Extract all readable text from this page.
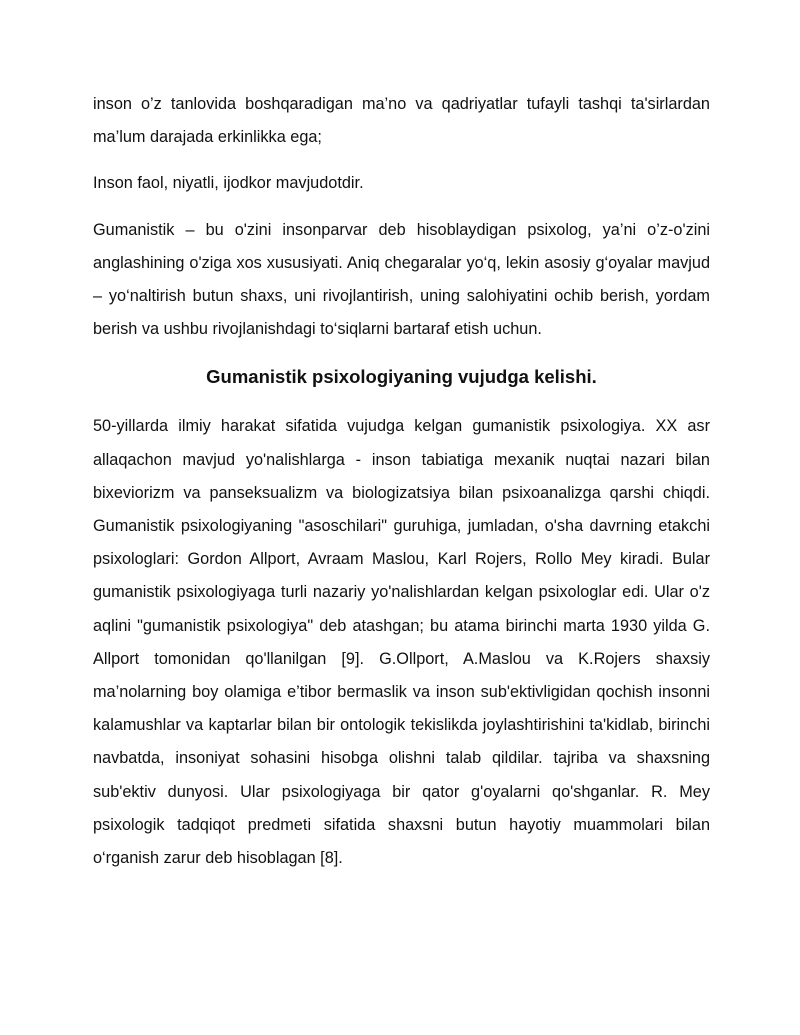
inson o’z tanlovida boshqaradigan ma’no va qadriyatlar tufayli tashqi ta'sirlardan ma’lum darajada erkinlikka ega;

Inson faol, niyatli, ijodkor mavjudotdir.

Gumanistik – bu o'zini insonparvar deb hisoblaydigan psixolog, ya’ni o’z-o'zini anglashining o'ziga xos xususiyati. Aniq chegaralar yo‘q, lekin asosiy g‘oyalar mavjud – yo‘naltirish butun shaxs, uni rivojlantirish, uning salohiyatini ochib berish, yordam berish va ushbu rivojlanishdagi to‘siqlarni bartaraf etish uchun.

Gumanistik psixologiyaning vujudga kelishi.

50-yillarda ilmiy harakat sifatida vujudga kelgan gumanistik psixologiya. XX asr allaqachon mavjud yo'nalishlarga - inson tabiatiga mexanik nuqtai nazari bilan bixeviorizm va panseksualizm va biologizatsiya bilan psixoanalizga qarshi chiqdi. Gumanistik psixologiyaning "asoschilari" guruhiga, jumladan, o'sha davrning etakchi psixologlari: Gordon Allport, Avraam Maslou, Karl Rojers, Rollo Mey kiradi. Bular gumanistik psixologiyaga turli nazariy yo'nalishlardan kelgan psixologlar edi. Ular o'z aqlini "gumanistik psixologiya" deb atashgan; bu atama birinchi marta 1930 yilda G. Allport tomonidan qo'llanilgan [9]. G.Ollport, A.Maslou va K.Rojers shaxsiy ma’nolarning boy olamiga e’tibor bermaslik va inson sub'ektivligidan qochish insonni kalamushlar va kaptarlar bilan bir ontologik tekislikda joylashtirishini ta'kidlab, birinchi navbatda, insoniyat sohasini hisobga olishni talab qildilar. tajriba va shaxsning sub'ektiv dunyosi. Ular psixologiyaga bir qator g'oyalarni qo'shganlar. R. Mey psixologik tadqiqot predmeti sifatida shaxsni butun hayotiy muammolari bilan o‘rganish zarur deb hisoblagan [8].
